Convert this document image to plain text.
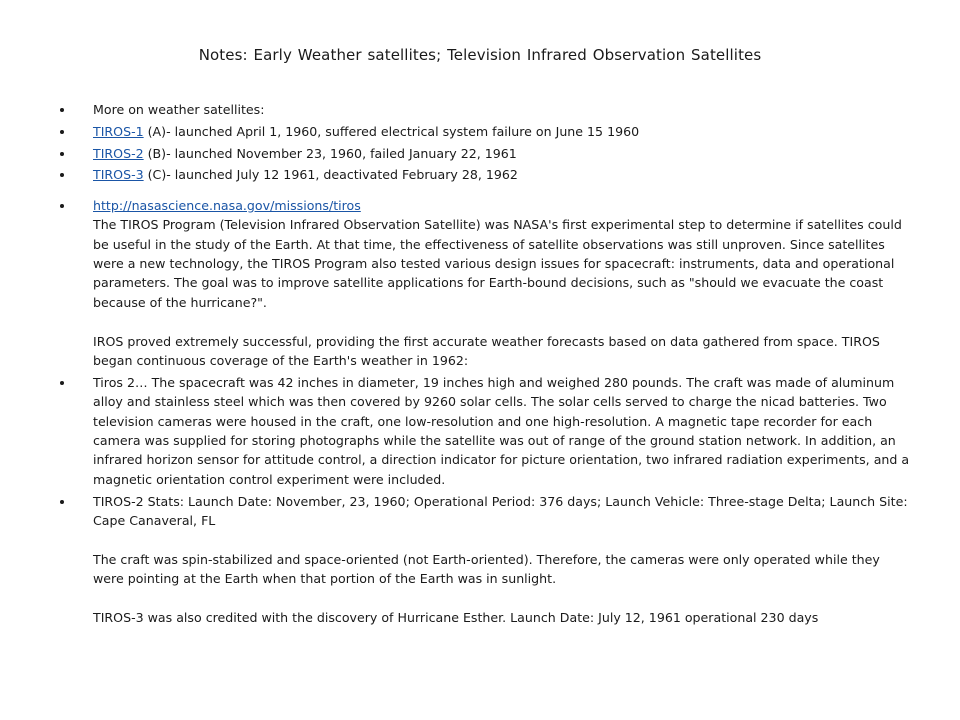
Notes: Early Weather satellites; Television Infrared Observation Satellites
More on weather satellites:
TIROS-1 (A)- launched April 1, 1960, suffered electrical system failure on June 15 1960
TIROS-2 (B)- launched November 23, 1960, failed January 22, 1961
TIROS-3 (C)- launched July 12 1961, deactivated February 28, 1962
http://nasascience.nasa.gov/missions/tiros
The TIROS Program (Television Infrared Observation Satellite) was NASA's first experimental step to determine if satellites could be useful in the study of the Earth. At that time, the effectiveness of satellite observations was still unproven. Since satellites were a new technology, the TIROS Program also tested various design issues for spacecraft: instruments, data and operational parameters. The goal was to improve satellite applications for Earth-bound decisions, such as "should we evacuate the coast because of the hurricane?".
IROS proved extremely successful, providing the first accurate weather forecasts based on data gathered from space. TIROS began continuous coverage of the Earth's weather in 1962:
Tiros 2… The spacecraft was 42 inches in diameter, 19 inches high and weighed 280 pounds. The craft was made of aluminum alloy and stainless steel which was then covered by 9260 solar cells. The solar cells served to charge the nicad batteries. Two television cameras were housed in the craft, one low-resolution and one high-resolution. A magnetic tape recorder for each camera was supplied for storing photographs while the satellite was out of range of the ground station network. In addition, an infrared horizon sensor for attitude control, a direction indicator for picture orientation, two infrared radiation experiments, and a magnetic orientation control experiment were included.
TIROS-2 Stats: Launch Date: November, 23, 1960; Operational Period: 376 days; Launch Vehicle: Three-stage Delta; Launch Site: Cape Canaveral, FL
The craft was spin-stabilized and space-oriented (not Earth-oriented). Therefore, the cameras were only operated while they were pointing at the Earth when that portion of the Earth was in sunlight.
TIROS-3 was also credited with the discovery of Hurricane Esther. Launch Date: July 12, 1961 operational 230 days
